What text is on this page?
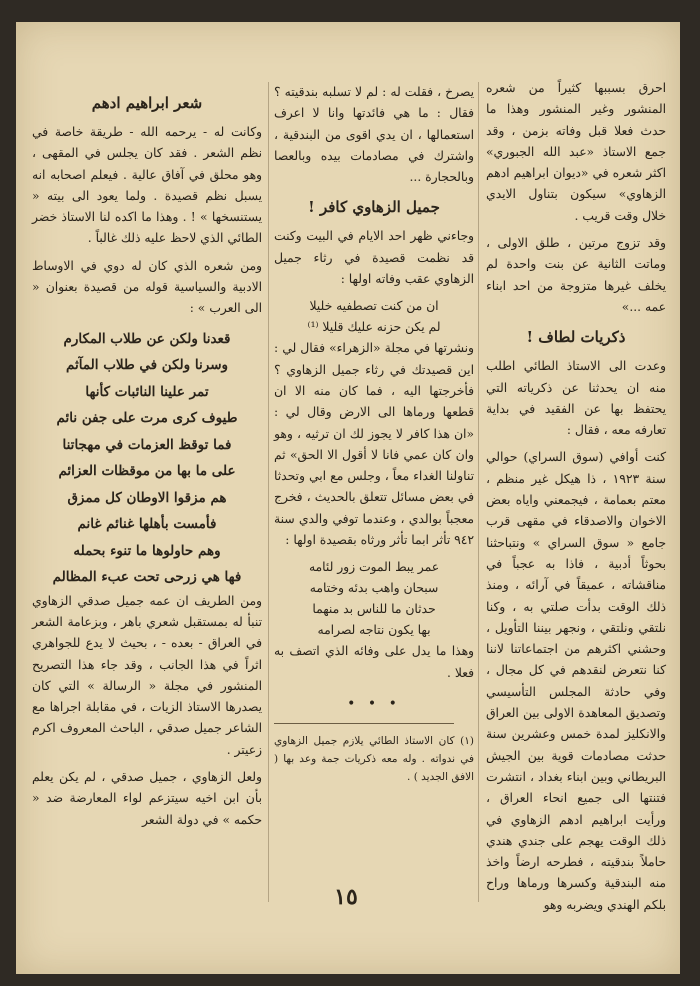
احرق بسببها كثيراً من شعره المنشور وغير المنشور وهذا ما حدث فعلا قبل وفاته بزمن ، وقد جمع الاستاذ «عبد الله الجبوري» اكثر شعره في «ديوان ابراهيم ادهم الزهاوي» سيكون بتناول الايدي خلال وقت قريب .

وقد تزوج مرتين ، طلق الاولى ، وماتت الثانية عن بنت واحدة لم يخلف غيرها متزوجة من احد ابناء عمه ...»

ذكريات لطاف !

وعدت الى الاستاذ الطائي اطلب منه ان يحدثنا عن ذكرياته التي يحتفظ بها عن الفقيد في بداية تعارفه معه ، فقال :

كنت أوافي (سوق السراي) حوالي سنة ١٩٢٣ ، ذا هيكل غير منظم ، معتم بعمامة ، فيجمعني واياه بعض الاخوان والاصدقاء في مقهى قرب جامع « سوق السراي » ونتباحثنا بحوثاً أدبية ، فاذا به عجباً في مناقشاته ، عميقاً في آرائه ، ومنذ ذلك الوقت بدأت صلتي به ، وكنا نلتقي ونلتقي ، ونجهر بيننا التأويل ، وحشني اكثرهم من اجتماعاتنا لاننا كنا نتعرض لنقدهم في كل مجال ، وفي حادثة المجلس التأسيسي وتصديق المعاهدة الاولى بين العراق والانكليز لمدة خمس وعشرين سنة حدثت مصادمات قوية بين الجيش البريطاني وبين ابناء بغداد ، انتشرت فتنتها الى جميع انحاء العراق ، ورأيت ابراهيم ادهم الزهاوي في ذلك الوقت يهجم على جندي هندي حاملاً بندقيته ، فطرحه ارضاً واخذ منه البندقية وكسرها ورماها وراح بلكم الهندي ويضربه وهو

يصرخ ، فقلت له : لم لا تسلبه بندقيته ؟ فقال : ما هي فائدتها وانا لا اعرف استعمالها ، ان يدي اقوى من البندقية ، واشترك في مصادمات بيده وبالعصا وبالحجارة ...

جميل الزهاوي كافر !

وجاءني ظهر احد الايام في البيت وكنت قد نظمت قصيدة في رثاء جميل الزهاوي عقب وفاته اولها :

ان من كنت تصطفيه خليلا

لم يكن حزنه عليك قليلا ⁽¹⁾

ونشرتها في مجلة «الزهراء» فقال لي : اين قصيدتك في رثاء جميل الزهاوي ؟ فأخرجتها اليه ، فما كان منه الا ان قطعها ورماها الى الارض وقال لي : «ان هذا كافر لا يجوز لك ان ترثيه ، وهو وان كان عمي فانا لا أقول الا الحق» ثم تناولنا الغداء معاً ، وجلس مع ابي وتحدثا في بعض مسائل تتعلق بالحديث ، فخرج معجباً بوالدي ، وعندما توفي والدي سنة ٩٤٢ تأثر ابما تأثر ورثاه بقصيدة اولها :

عمر يبط الموت زور لئامه

سبحان واهب بدئه وختامه

حدثان ما للناس بد منهما

بها يكون نتاجه لصرامه

وهذا ما يدل على وفائه الذي اتصف به فعلا .

• • •

(١) كان الاستاذ الطائي يلازم جميل الزهاوي في ندواته . وله معه ذكريات جمة وعد بها ( الافق الجديد ) .

شعر ابراهيم ادهم

وكانت له - يرحمه الله - طريقة خاصة في نظم الشعر . فقد كان يجلس في المقهى ، وهو محلق في آفاق عالية . فيعلم اصحابه انه يسبل نظم قصيدة . ولما يعود الى بيته « يستنسخها » ! . وهذا ما اكده لنا الاستاذ خضر الطائي الذي لاحظ عليه ذلك غالباً .

ومن شعره الذي كان له دوي في الاوساط الادبية والسياسية قوله من قصيدة بعنوان « الى العرب » :

قعدنا ولكن عن طلاب المكارم

وسرنا ولكن في طلاب المآثم

تمر علينا النائبات كأنها

طيوف كرى مرت على جفن نائم

فما توقظ العزمات في مهجاتنا

على ما بها من موقظات العزائم

هم مزقوا الاوطان كل ممزق

فأمست بأهلها غنائم غانم

وهم حاولوها ما تنوء بحمله

فها هي زرحى تحت عبء المظالم

ومن الطريف ان عمه جميل صدقي الزهاوي تنبأ له بمستقبل شعري باهر ، وبزعامة الشعر في العراق - بعده - ، بحيث لا يدع للجواهري اثراً في هذا الجانب ، وقد جاء هذا التصريح المنشور في مجلة « الرسالة » التي كان يصدرها الاستاذ الزيات ، في مقابلة اجراها مع الشاعر جميل صدقي ، الباحث المعروف اكرم زعيتر .

ولعل الزهاوي ، جميل صدقي ، لم يكن يعلم بأن ابن اخيه سيتزعم لواء المعارضة ضد « حكمه » في دولة الشعر

١٥
